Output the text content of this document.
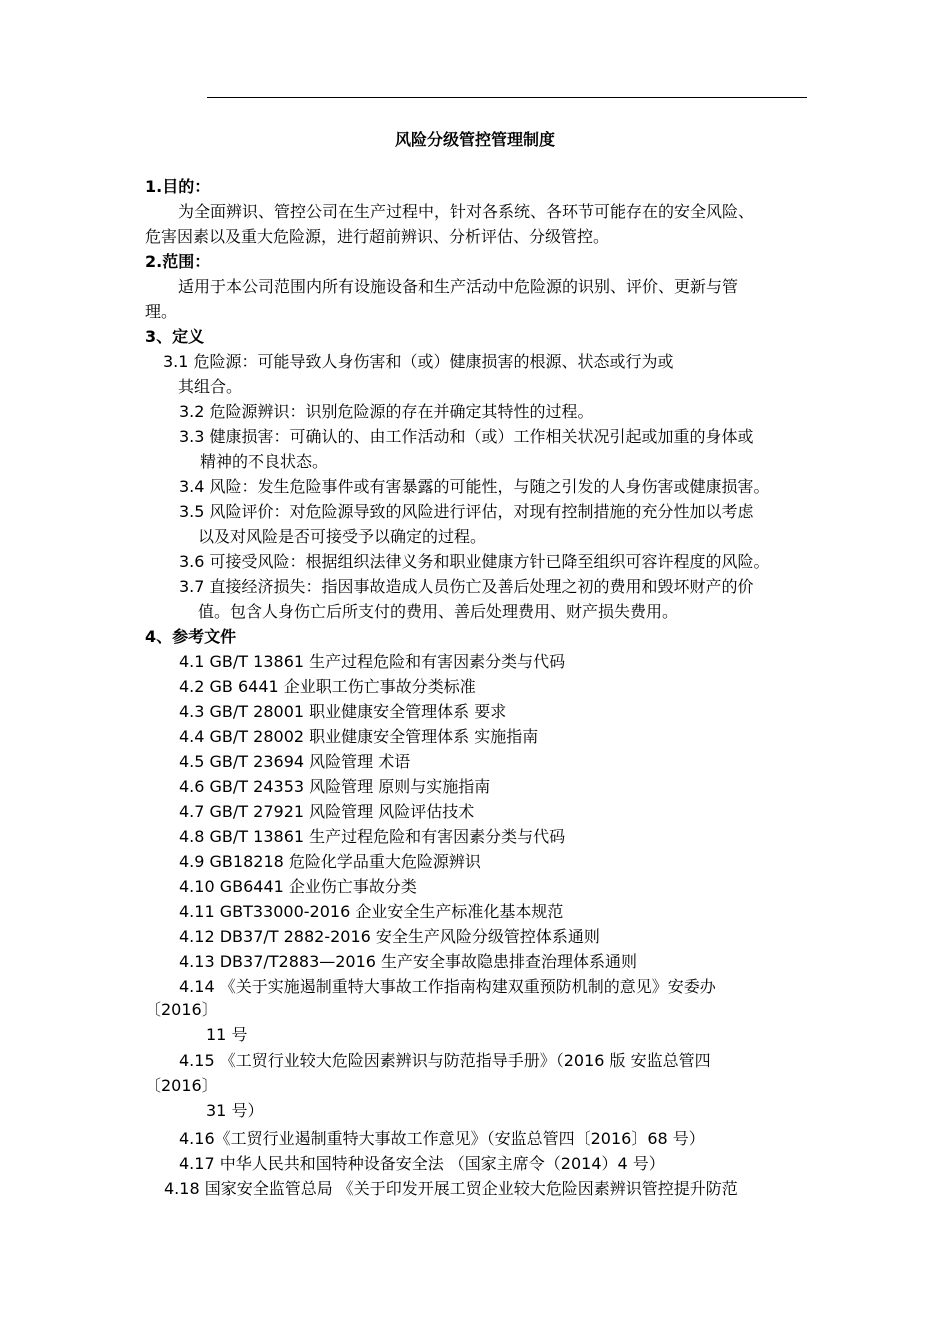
风险分级管控管理制度
1.目的：
为全面辨识、管控公司在生产过程中，针对各系统、各环节可能存在的安全风险、
危害因素以及重大危险源，进行超前辨识、分析评估、分级管控。
2.范围：
适用于本公司范围内所有设施设备和生产活动中危险源的识别、评价、更新与管
理。
3、定义
3.1 危险源：可能导致人身伤害和（或）健康损害的根源、状态或行为或
其组合。
3.2 危险源辨识：识别危险源的存在并确定其特性的过程。
3.3 健康损害：可确认的、由工作活动和（或）工作相关状况引起或加重的身体或
精神的不良状态。
3.4 风险：发生危险事件或有害暴露的可能性，与随之引发的人身伤害或健康损害。
3.5 风险评价：对危险源导致的风险进行评估，对现有控制措施的充分性加以考虑
以及对风险是否可接受予以确定的过程。
3.6 可接受风险：根据组织法律义务和职业健康方针已降至组织可容许程度的风险。
3.7 直接经济损失：指因事故造成人员伤亡及善后处理之初的费用和毁坏财产的价
值。包含人身伤亡后所支付的费用、善后处理费用、财产损失费用。
4、参考文件
4.1 GB/T 13861 生产过程危险和有害因素分类与代码
4.2 GB 6441 企业职工伤亡事故分类标准
4.3 GB/T 28001 职业健康安全管理体系 要求
4.4 GB/T 28002 职业健康安全管理体系 实施指南
4.5 GB/T 23694 风险管理 术语
4.6 GB/T 24353 风险管理 原则与实施指南
4.7 GB/T 27921 风险管理 风险评估技术
4.8 GB/T 13861 生产过程危险和有害因素分类与代码
4.9 GB18218 危险化学品重大危险源辨识
4.10 GB6441 企业伤亡事故分类
4.11 GBT33000-2016 企业安全生产标准化基本规范
4.12 DB37/T 2882-2016 安全生产风险分级管控体系通则
4.13 DB37/T2883—2016 生产安全事故隐患排查治理体系通则
4.14 《关于实施遏制重特大事故工作指南构建双重预防机制的意见》安委办
〔2016〕
11 号
4.15 《工贸行业较大危险因素辨识与防范指导手册》（2016 版 安监总管四
〔2016〕
31 号）
4.16《工贸行业遏制重特大事故工作意见》（安监总管四〔2016〕68 号）
4.17 中华人民共和国特种设备安全法 （国家主席令（2014）4 号）
4.18 国家安全监管总局 《关于印发开展工贸企业较大危险因素辨识管控提升防范
